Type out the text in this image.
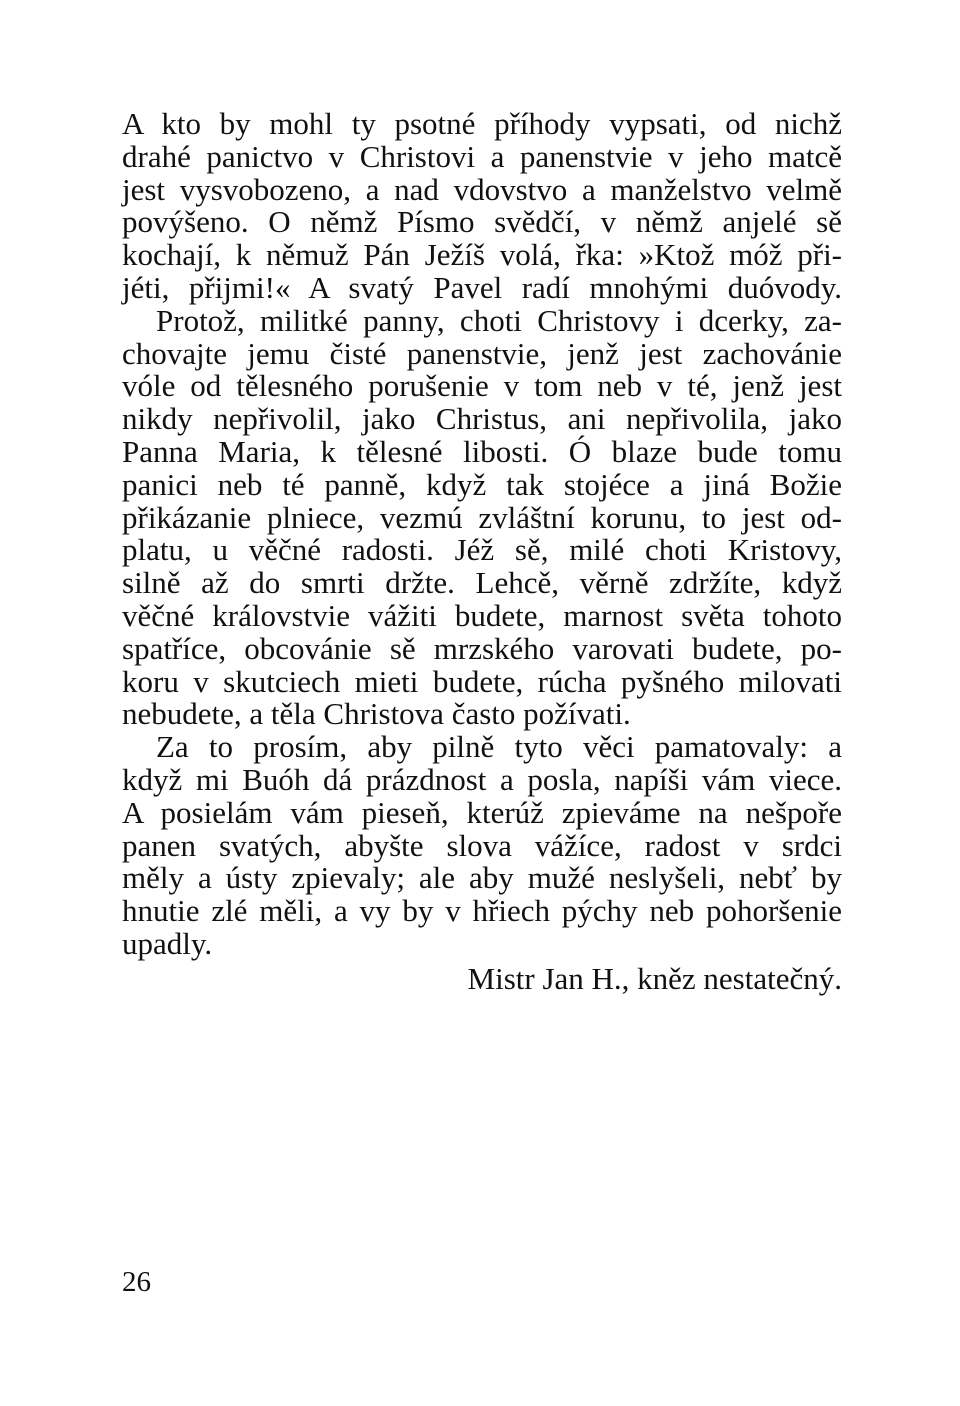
A kto by mohl ty psotné příhody vypsati, od nichž
drahé panictvo v Christovi a panenstvie v jeho matcě
jest vysvobozeno, a nad vdovstvo a manželstvo velmě
povýšeno. O němž Písmo svědčí, v němž anjelé sě
kochají, k němuž Pán Ježíš volá, řka: »Ktož móž při-
jéti, přijmi!« A svatý Pavel radí mnohými duóvody.
Protož, militké panny, choti Christovy i dcerky, za-
chovajte jemu čisté panenstvie, jenž jest zachovánie
vóle od tělesného porušenie v tom neb v té, jenž jest
nikdy nepřivolil, jako Christus, ani nepřivolila, jako
Panna Maria, k tělesné libosti. Ó blaze bude tomu
panici neb té panně, když tak stojéce a jiná Božie
přikázanie plniece, vezmú zvláštní korunu, to jest od-
platu, u věčné radosti. Jéž sě, milé choti Kristovy,
silně až do smrti držte. Lehcě, věrně zdržíte, když
věčné královstvie vážiti budete, marnost světa tohoto
spatříce, obcovánie sě mrzského varovati budete, po-
koru v skutciech mieti budete, rúcha pyšného milovati
nebudete, a těla Christova často požívati.
Za to prosím, aby pilně tyto věci pamatovaly: a
když mi Buóh dá prázdnost a posla, napíši vám viece.
A posielám vám pieseň, kterúž zpieváme na nešpoře
panen svatých, abyšte slova vážíce, radost v srdci
měly a ústy zpievaly; ale aby mužé neslyšeli, nebť by
hnutie zlé měli, a vy by v hřiech pýchy neb pohoršenie
upadly.
Mistr Jan H., kněz nestatečný.
26
